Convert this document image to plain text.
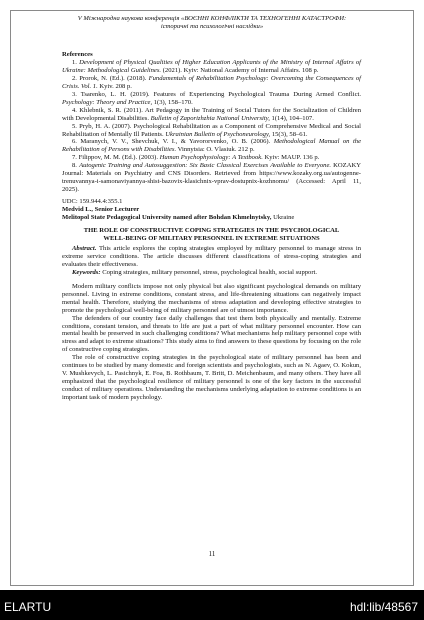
V Міжнародна наукова конференція «ВОЄННІ КОНФЛІКТИ ТА ТЕХНОГЕННІ КАТАСТРОФИ:
історичні та психологічні наслідки»

References

1. Development of Physical Qualities of Higher Education Applicants of the Ministry of Internal Affairs of Ukraine: Methodological Guidelines. (2021). Kyiv: National Academy of Internal Affairs. 108 p.

2. Prorok, N. (Ed.). (2018). Fundamentals of Rehabilitation Psychology: Overcoming the Consequences of Crisis. Vol. 1. Kyiv. 208 p.

3. Tsarenko, L. H. (2019). Features of Experiencing Psychological Trauma During Armed Conflict. Psychology: Theory and Practice, 1(3), 158–170.

4. Khlebnik, S. R. (2011). Art Pedagogy in the Training of Social Tutors for the Socialization of Children with Developmental Disabilities. Bulletin of Zaporizhzhia National University, 1(14), 104–107.

5. Pryb, H. A. (2007). Psychological Rehabilitation as a Component of Comprehensive Medical and Social Rehabilitation of Mentally Ill Patients. Ukrainian Bulletin of Psychoneurology, 15(3), 58–61.

6. Maranych, V. V., Shevchuk, V. I., & Yavororvenko, O. B. (2006). Methodological Manual on the Rehabilitation of Persons with Disabilities. Vinnytsia: O. Vlasiuk. 212 p.

7. Filippov, M. M. (Ed.). (2003). Human Psychophysiology: A Textbook. Kyiv: MAUP. 136 p.

8. Autogenic Training and Autosuggestion: Six Basic Classical Exercises Available to Everyone. KOZAKY Journal: Materials on Psychiatry and CNS Disorders. Retrieved from https://www.kozaky.org.ua/autogenne-trenuvannya-i-samonaviyannya-shist-bazovix-klasichnix-vprav-dostupnix-kozhnomu/ (Accessed: April 11, 2025).

UDC: 159.944.4:355.1

Medvid L., Senior Lecturer

Melitopol State Pedagogical University named after Bohdan Khmelnytsky, Ukraine

THE ROLE OF CONSTRUCTIVE COPING STRATEGIES IN THE PSYCHOLOGICAL
WELL-BEING OF MILITARY PERSONNEL IN EXTREME SITUATIONS

Abstract. This article explores the coping strategies employed by military personnel to manage stress in extreme service conditions. The article discusses different classifications of stress-coping strategies and evaluates their effectiveness.

Keywords: Coping strategies, military personnel, stress, psychological health, social support.

Modern military conflicts impose not only physical but also significant psychological demands on military personnel. Living in extreme conditions, constant stress, and life-threatening situations can negatively impact mental health. Therefore, studying the mechanisms of stress adaptation and developing effective strategies to promote the psychological well-being of military personnel are of utmost importance.

The defenders of our country face daily challenges that test them both physically and mentally. Extreme conditions, constant tension, and threats to life are just a part of what military personnel encounter. How can mental health be preserved in such challenging conditions? What mechanisms help military personnel cope with stress and adapt to extreme situations? This study aims to find answers to these questions by focusing on the role of constructive coping strategies.

The role of constructive coping strategies in the psychological state of military personnel has been and continues to be studied by many domestic and foreign scientists and psychologists, such as N. Agaev, O. Kokun, V. Mushkevych, L. Pasichnyk, E. Foa, B. Rothbaum, T. Britt, D. Meichenbaum, and many others. They have all emphasized that the psychological resilience of military personnel is one of the key factors in the successful conduct of military operations. Understanding the mechanisms underlying adaptation to extreme conditions is an important task of modern psychology.

11
ELARTU	hdl:lib/48567
